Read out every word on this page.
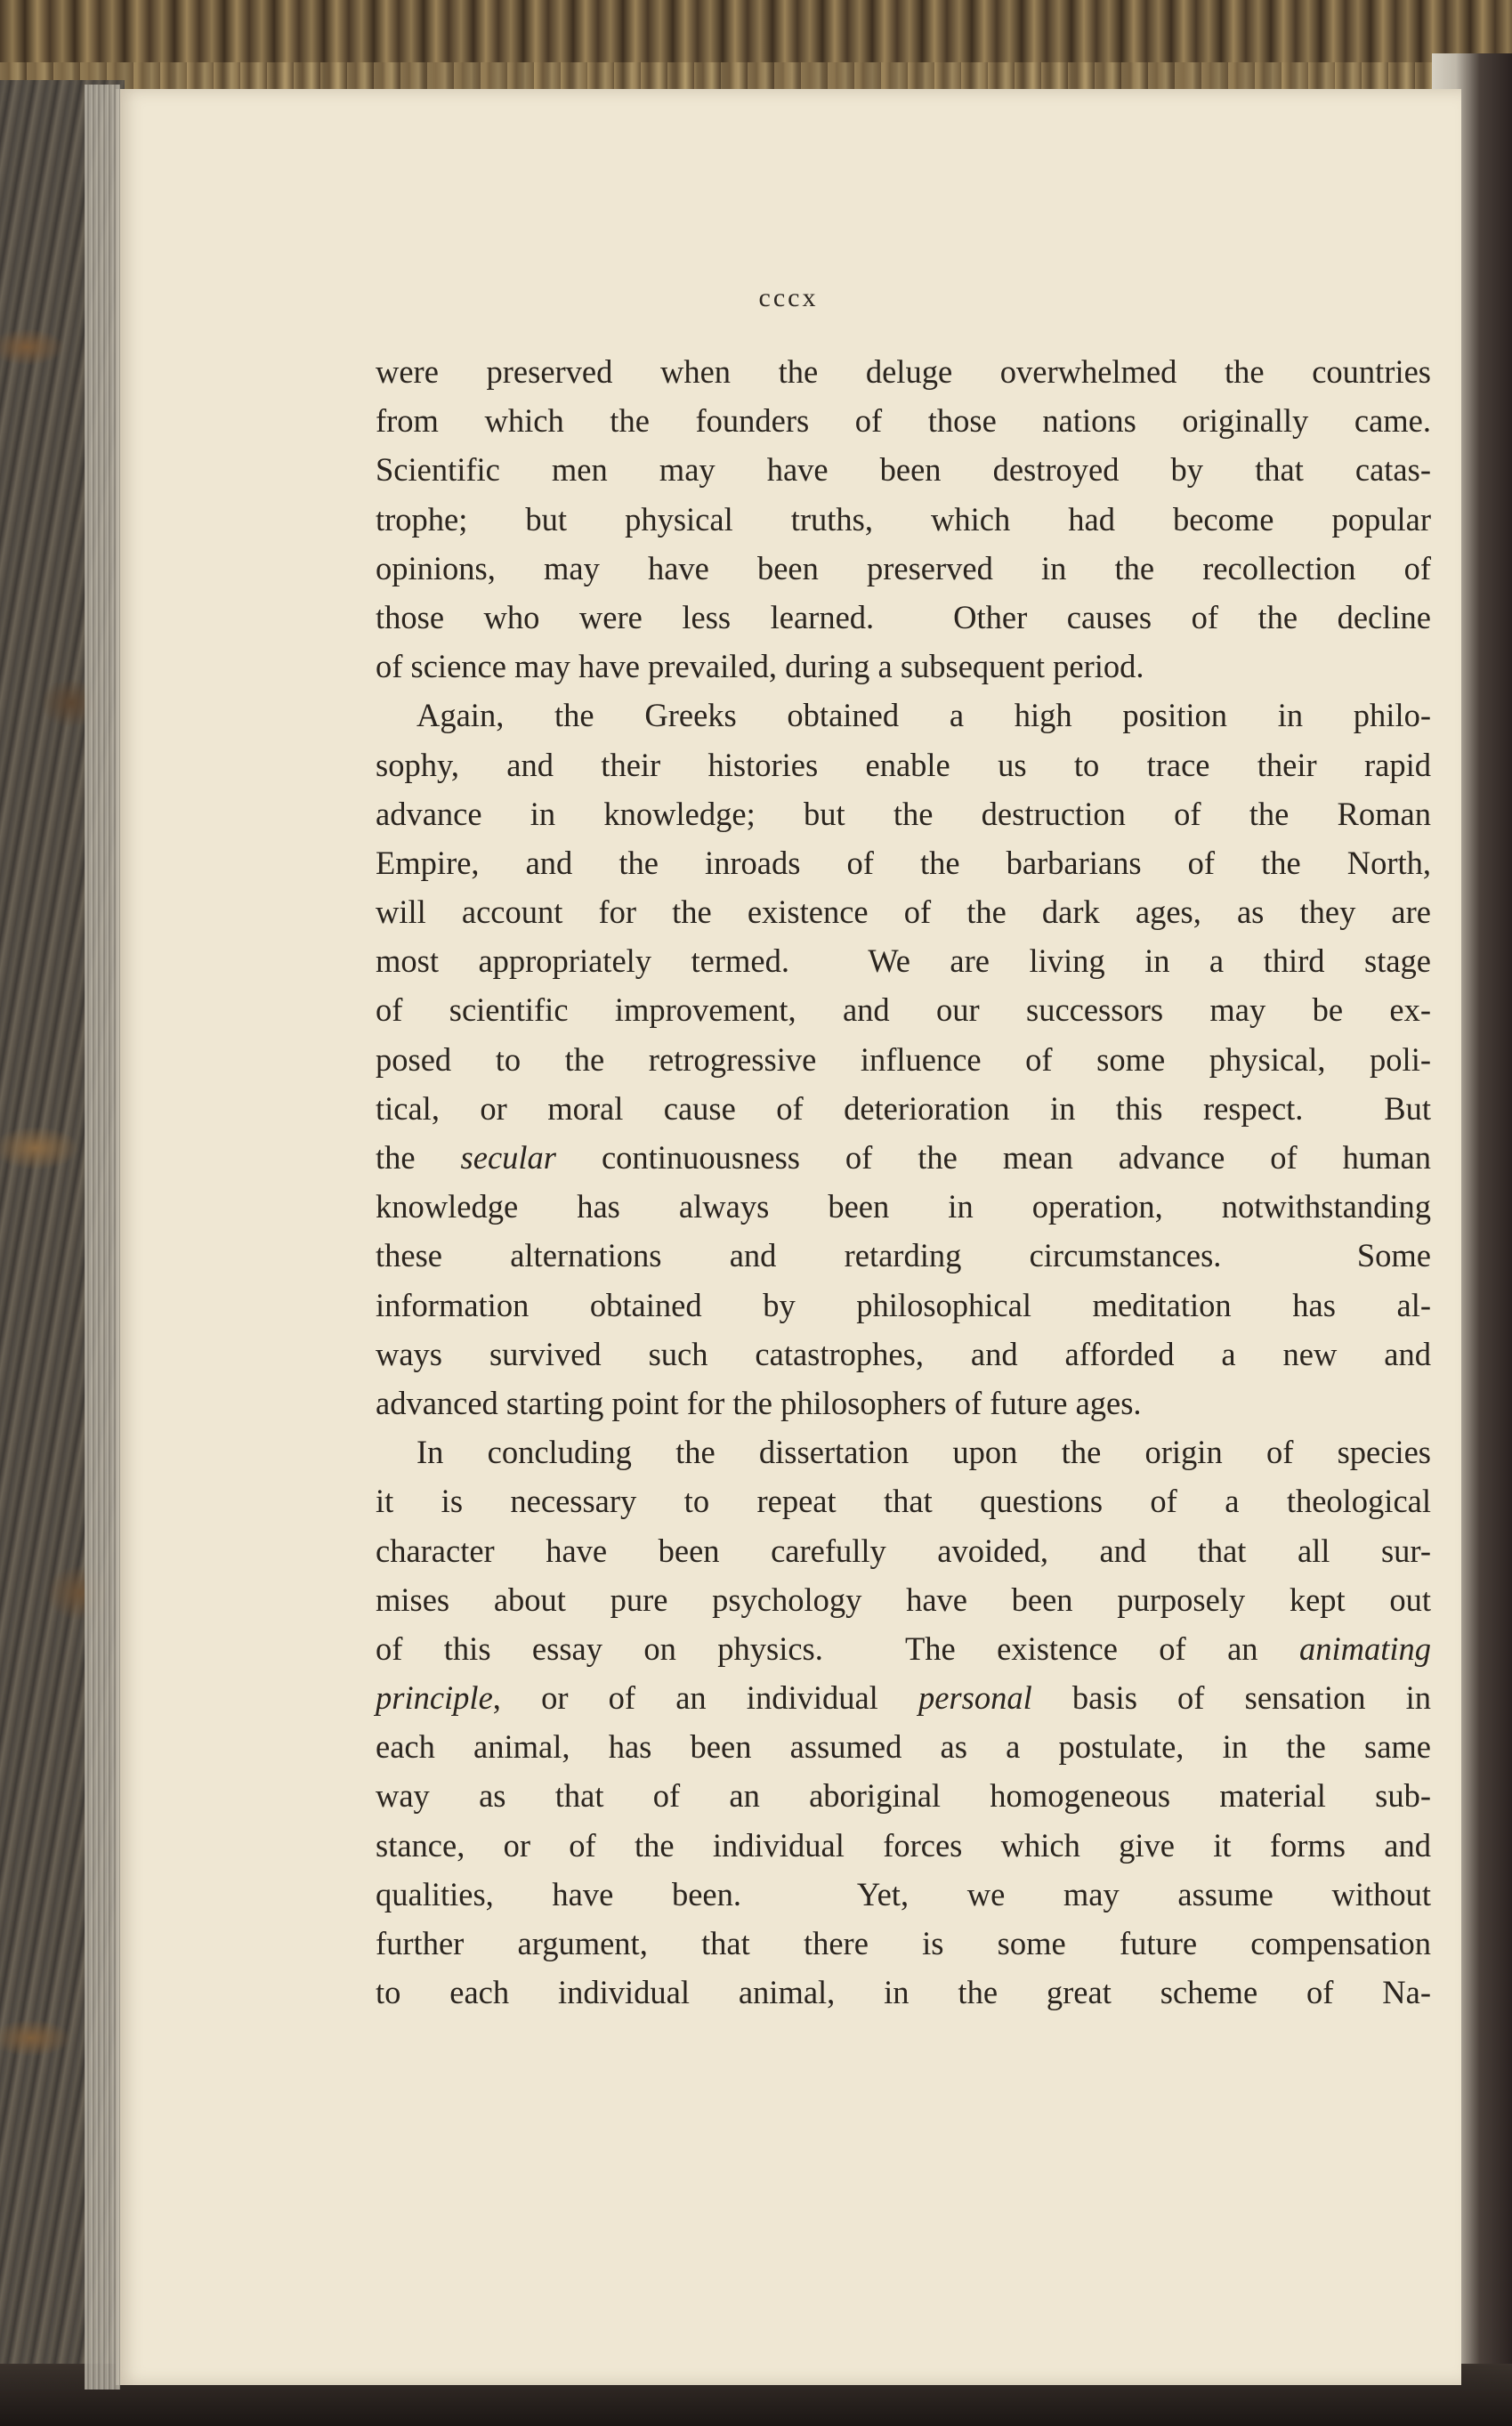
cccx
were preserved when the deluge overwhelmed the countries
from which the founders of those nations originally came.
Scientific men may have been destroyed by that catas-
trophe; but physical truths, which had become popular
opinions, may have been preserved in the recollection of
those who were less learned.  Other causes of the decline
of science may have prevailed, during a subsequent period.
Again, the Greeks obtained a high position in philo-
sophy, and their histories enable us to trace their rapid
advance in knowledge; but the destruction of the Roman
Empire, and the inroads of the barbarians of the North,
will account for the existence of the dark ages, as they are
most appropriately termed.  We are living in a third stage
of scientific improvement, and our successors may be ex-
posed to the retrogressive influence of some physical, poli-
tical, or moral cause of deterioration in this respect.  But
the secular continuousness of the mean advance of human
knowledge has always been in operation, notwithstanding
these alternations and retarding circumstances.  Some
information obtained by philosophical meditation has al-
ways survived such catastrophes, and afforded a new and
advanced starting point for the philosophers of future ages.
In concluding the dissertation upon the origin of species
it is necessary to repeat that questions of a theological
character have been carefully avoided, and that all sur-
mises about pure psychology have been purposely kept out
of this essay on physics.  The existence of an animating
principle, or of an individual personal basis of sensation in
each animal, has been assumed as a postulate, in the same
way as that of an aboriginal homogeneous material sub-
stance, or of the individual forces which give it forms and
qualities, have been.  Yet, we may assume without
further argument, that there is some future compensation
to each individual animal, in the great scheme of Na-
